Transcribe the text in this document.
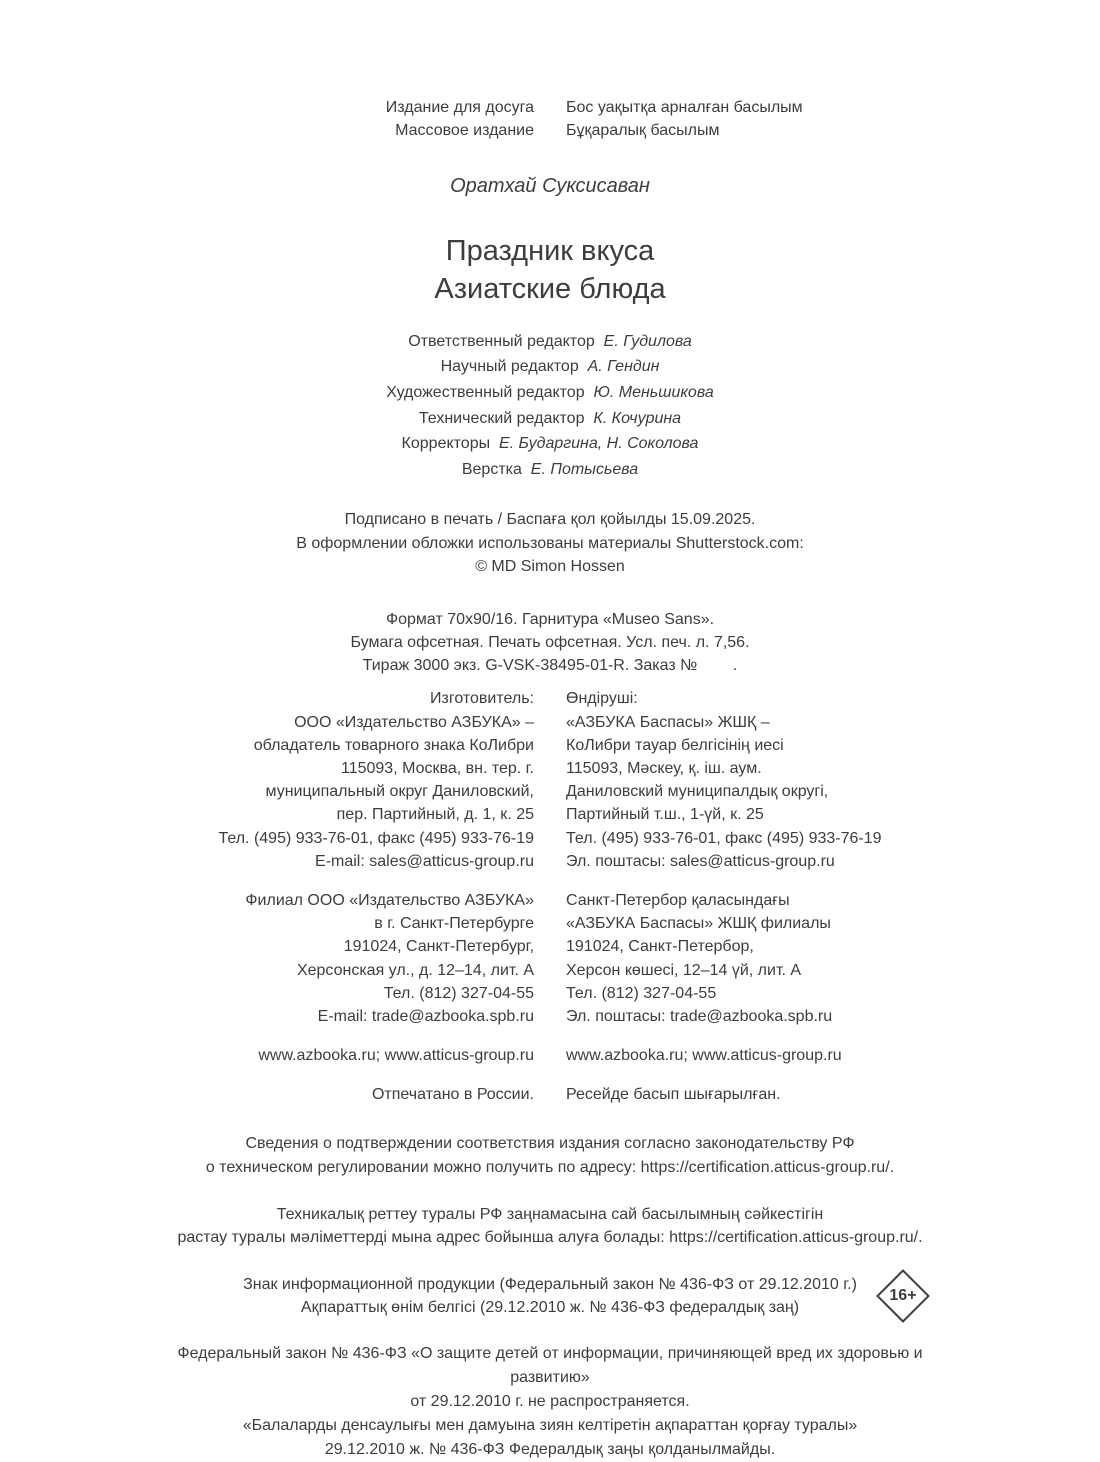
Издание для досуга	Бос уақытқа арналған басылым
Массовое издание	Бұқаралық басылым
Оратхай Суксисаван
Праздник вкуса
Азиатские блюда
Ответственный редактор Е. Гудилова
Научный редактор А. Гендин
Художественный редактор Ю. Меньшикова
Технический редактор К. Кочурина
Корректоры Е. Бударгина, Н. Соколова
Верстка Е. Потысьева
Подписано в печать / Баспаға қол қойылды 15.09.2025.
В оформлении обложки использованы материалы Shutterstock.com:
© MD Simon Hossen
Формат 70х90/16. Гарнитура «Museo Sans».
Бумага офсетная. Печать офсетная. Усл. печ. л. 7,56.
Тираж 3000 экз. G-VSK-38495-01-R. Заказ №        .
Изготовитель:	Өндіруші:
ООО «Издательство АЗБУКА» –	«АЗБУКА Баспасы» ЖШҚ –
обладатель товарного знака КоЛибри	КоЛибри тауар белгісінің иесі
115093, Москва, вн. тер. г.	115093, Мәскеу, қ. іш. аум.
муниципальный округ Даниловский,	Даниловский муниципалдық округі,
пер. Партийный, д. 1, к. 25	Партийный т.ш., 1-үй, к. 25
Тел. (495) 933-76-01, факс (495) 933-76-19	Тел. (495) 933-76-01, факс (495) 933-76-19
E-mail: sales@atticus-group.ru	Эл. поштасы: sales@atticus-group.ru
Филиал ООО «Издательство АЗБУКА»	Санкт-Петербор қаласындағы
в г. Санкт-Петербурге	«АЗБУКА Баспасы» ЖШҚ филиалы
191024, Санкт-Петербург,	191024, Санкт-Петербор,
Херсонская ул., д. 12–14, лит. А	Херсон көшесі, 12–14 үй, лит. А
Тел. (812) 327-04-55	Тел. (812) 327-04-55
E-mail: trade@azbooka.spb.ru	Эл. поштасы: trade@azbooka.spb.ru
www.azbooka.ru; www.atticus-group.ru	www.azbooka.ru; www.atticus-group.ru
Отпечатано в России.	Ресейде басып шығарылған.
Сведения о подтверждении соответствия издания согласно законодательству РФ
о техническом регулировании можно получить по адресу: https://certification.atticus-group.ru/.
Техникалық реттеу туралы РФ заңнамасына сай басылымның сәйкестігін
растау туралы мәліметтерді мына адрес бойынша алуға болады: https://certification.atticus-group.ru/.
Знак информационной продукции (Федеральный закон № 436-ФЗ от 29.12.2010 г.)
Ақпараттық өнім белгісі (29.12.2010 ж. № 436-ФЗ федералдық заң)
16+
Федеральный закон № 436-ФЗ «О защите детей от информации, причиняющей вред их здоровью и
развитию»
от 29.12.2010 г. не распространяется.
«Балаларды денсаулығы мен дамуына зиян келтіретін ақпараттан қорғау туралы»
29.12.2010 ж. № 436-ФЗ Федералдық заңы қолданылмайды.
